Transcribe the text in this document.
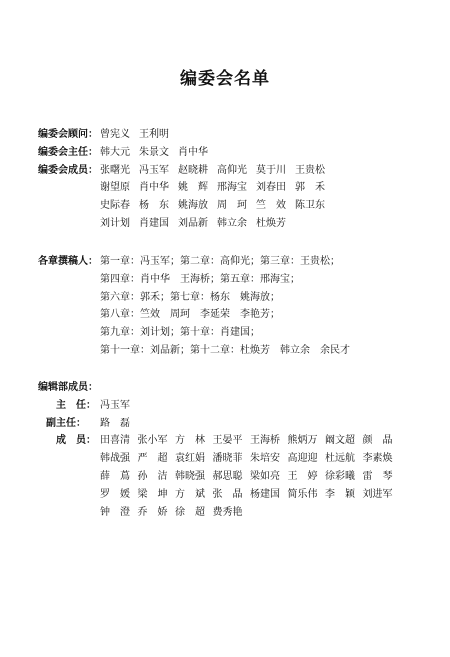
编委会名单
编委会顾问： 曾宪义 王利明
编委会主任： 韩大元 朱景文 肖中华
编委会成员： 张曙光 冯玉军 赵晓耕 高仰光 莫于川 王贵松
谢望原 肖中华 姚　辉 邢海宝 刘春田 郭　禾
史际春 杨　东 姚海放 周　珂 竺　效 陈卫东
刘计划 肖建国 刘品新 韩立余 杜焕芳
各章撰稿人： 第一章：冯玉军；第二章：高仰光；第三章：王贵松；
第四章：肖中华　王海桥；第五章：邢海宝；
第六章：郭禾；第七章：杨东　姚海放；
第八章：竺效　周珂　李延荣　李艳芳；
第九章：刘计划；第十章：肖建国；
第十一章：刘品新；第十二章：杜焕芳　韩立余　余民才
编辑部成员：
主　任： 冯玉军
副主任： 路　磊
成　员： 田喜清 张小军 方　林 王晏平 王海桥 熊炳万 阚文超 颜　晶
韩战强 严　超 袁红娟 潘晓菲 朱培安 高迎迎 杜远航 李素焕
薛　蔦 孙　洁 韩晓强 郝思聪 梁如亮 王　婷 徐彩曦 雷　琴
罗　媛 梁　坤 方　斌 张　晶 杨建国 简乐伟 李　颖 刘进军
钟　澄 乔　娇 徐　超 费秀艳
